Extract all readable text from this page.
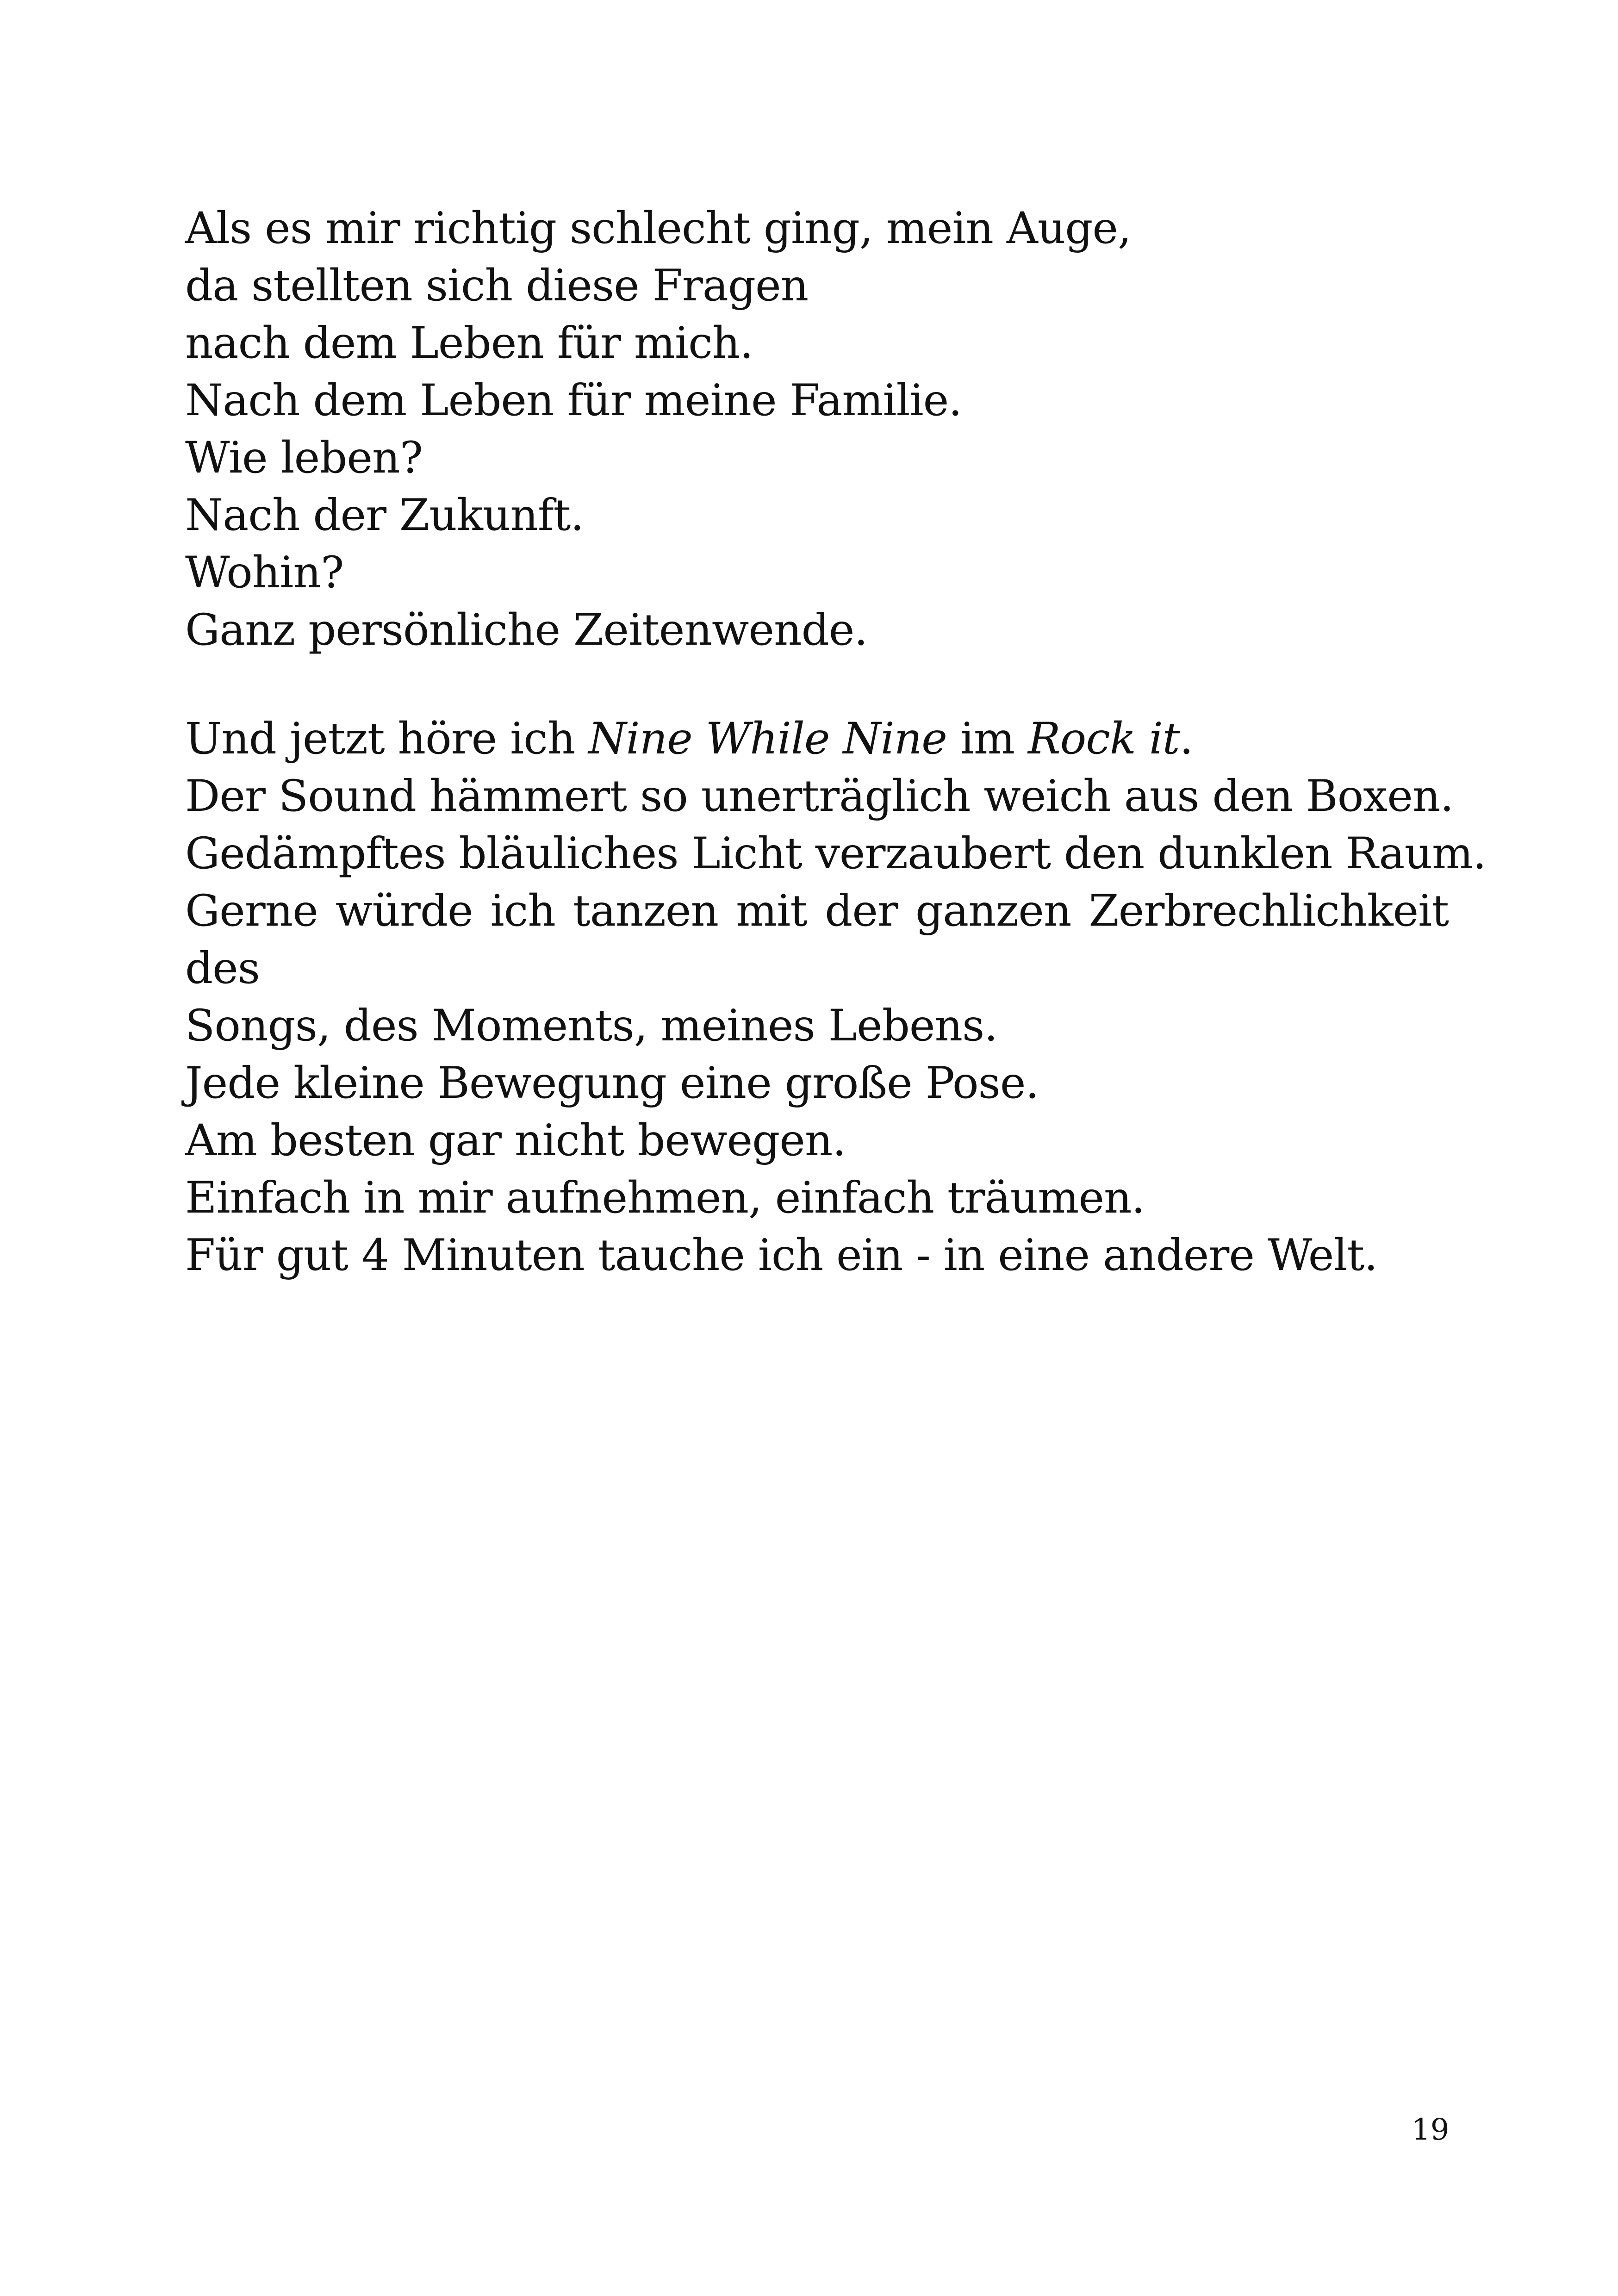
Als es mir richtig schlecht ging, mein Auge,
da stellten sich diese Fragen
nach dem Leben für mich.
Nach dem Leben für meine Familie.
Wie leben?
Nach der Zukunft.
Wohin?
Ganz persönliche Zeitenwende.
Und jetzt höre ich Nine While Nine im Rock it.
Der Sound hämmert so unerträglich weich aus den Boxen.
Gedämpftes bläuliches Licht verzaubert den dunklen Raum.
Gerne würde ich tanzen mit der ganzen Zerbrechlichkeit des
Songs, des Moments, meines Lebens.
Jede kleine Bewegung eine große Pose.
Am besten gar nicht bewegen.
Einfach in mir aufnehmen, einfach träumen.
Für gut 4 Minuten tauche ich ein - in eine andere Welt.
19
